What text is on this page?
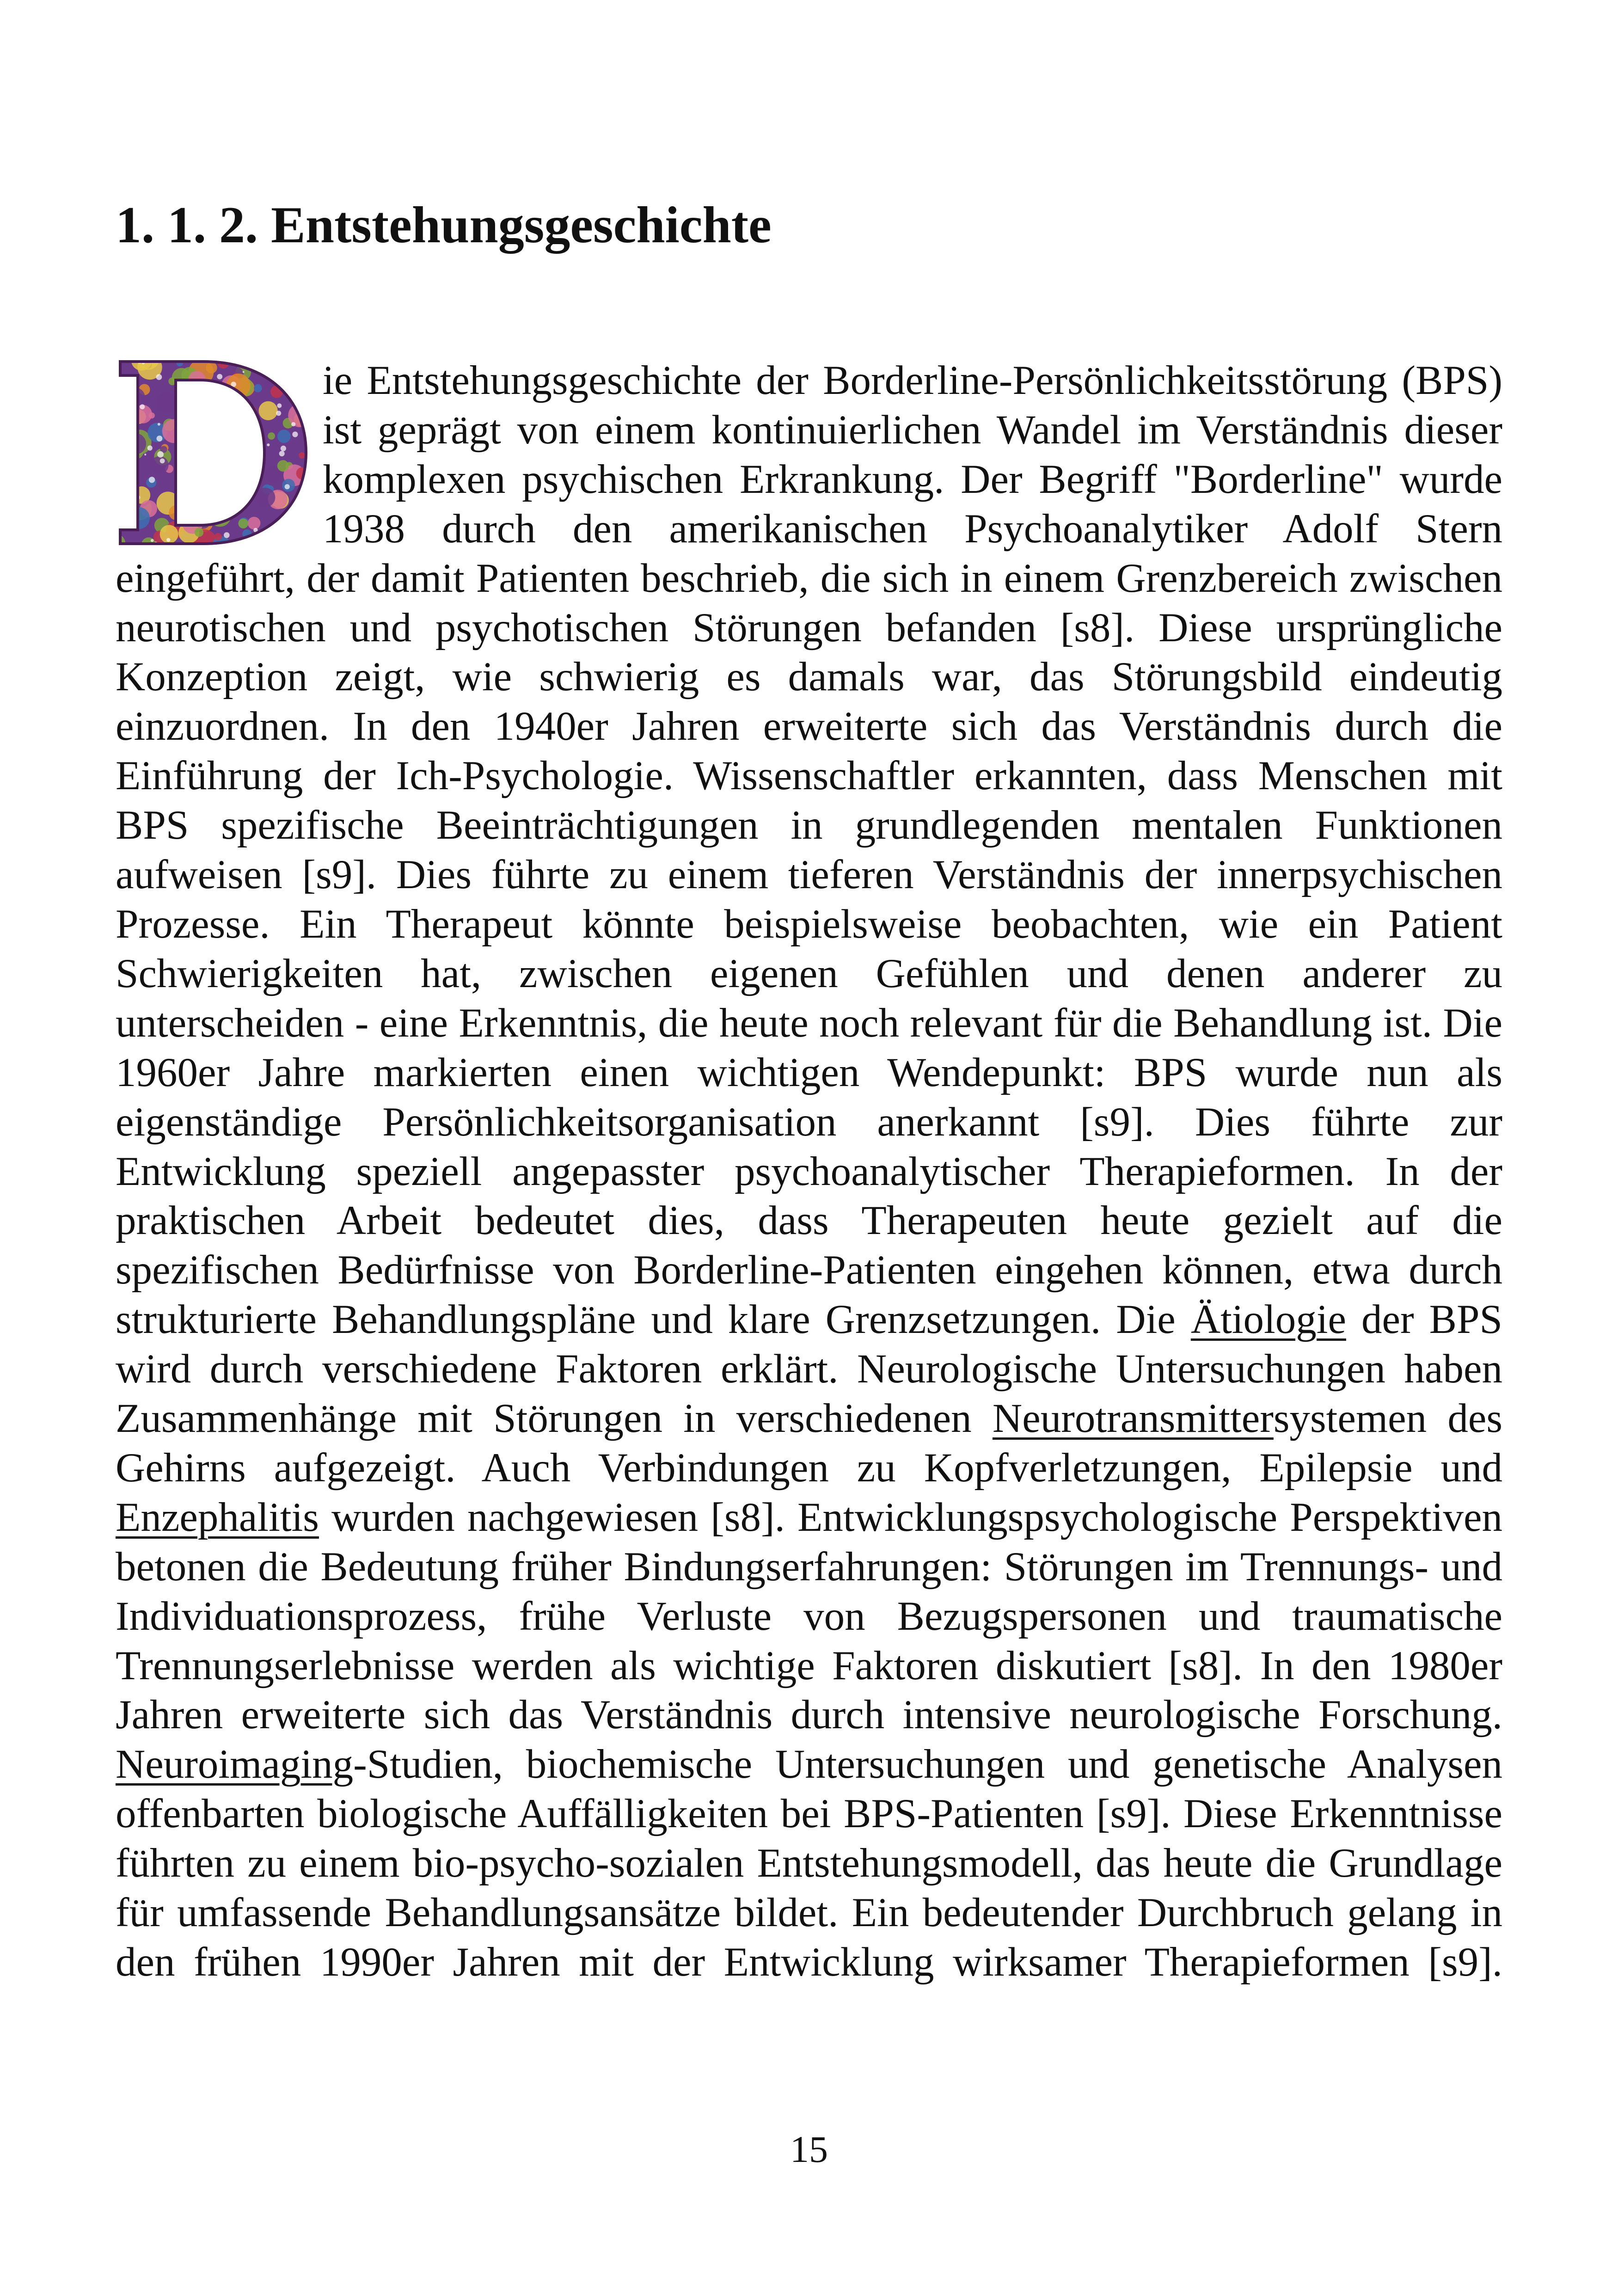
1. 1. 2. Entstehungsgeschichte

ie Entstehungsgeschichte der Borderline-Persönlichkeitsstörung (BPS) ist geprägt von einem kontinuierlichen Wandel im Verständnis dieser komplexen psychischen Erkrankung. Der Begriff "Borderline" wurde 1938 durch den amerikanischen Psychoanalytiker Adolf Stern eingeführt, der damit Patienten beschrieb, die sich in einem Grenzbereich zwischen neurotischen und psychotischen Störungen befanden [s8]. Diese ursprüngliche Konzeption zeigt, wie schwierig es damals war, das Störungsbild eindeutig einzuordnen. In den 1940er Jahren erweiterte sich das Verständnis durch die Einführung der Ich-Psychologie. Wissenschaftler erkannten, dass Menschen mit BPS spezifische Beeinträchtigungen in grundlegenden mentalen Funktionen aufweisen [s9]. Dies führte zu einem tieferen Verständnis der innerpsychischen Prozesse. Ein Therapeut könnte beispielsweise beobachten, wie ein Patient Schwierigkeiten hat, zwischen eigenen Gefühlen und denen anderer zu unterscheiden - eine Erkenntnis, die heute noch relevant für die Behandlung ist. Die 1960er Jahre markierten einen wichtigen Wendepunkt: BPS wurde nun als eigenständige Persönlichkeitsorganisation anerkannt [s9]. Dies führte zur Entwicklung speziell angepasster psychoanalytischer Therapieformen. In der praktischen Arbeit bedeutet dies, dass Therapeuten heute gezielt auf die spezifischen Bedürfnisse von Borderline-Patienten eingehen können, etwa durch strukturierte Behandlungspläne und klare Grenzsetzungen. Die Ätiologie der BPS wird durch verschiedene Faktoren erklärt. Neurologische Untersuchungen haben Zusammenhänge mit Störungen in verschiedenen Neurotransmittersystemen des Gehirns aufgezeigt. Auch Verbindungen zu Kopfverletzungen, Epilepsie und Enzephalitis wurden nachgewiesen [s8]. Entwicklungspsychologische Perspektiven betonen die Bedeutung früher Bindungserfahrungen: Störungen im Trennungs- und Individuationsprozess, frühe Verluste von Bezugspersonen und traumatische Trennungserlebnisse werden als wichtige Faktoren diskutiert [s8]. In den 1980er Jahren erweiterte sich das Verständnis durch intensive neurologische Forschung. Neuroimaging-Studien, biochemische Untersuchungen und genetische Analysen offenbarten biologische Auffälligkeiten bei BPS-Patienten [s9]. Diese Erkenntnisse führten zu einem bio-psycho-sozialen Entstehungsmodell, das heute die Grundlage für umfassende Behandlungsansätze bildet. Ein bedeutender Durchbruch gelang in den frühen 1990er Jahren mit der Entwicklung wirksamer Therapieformen [s9].

15
